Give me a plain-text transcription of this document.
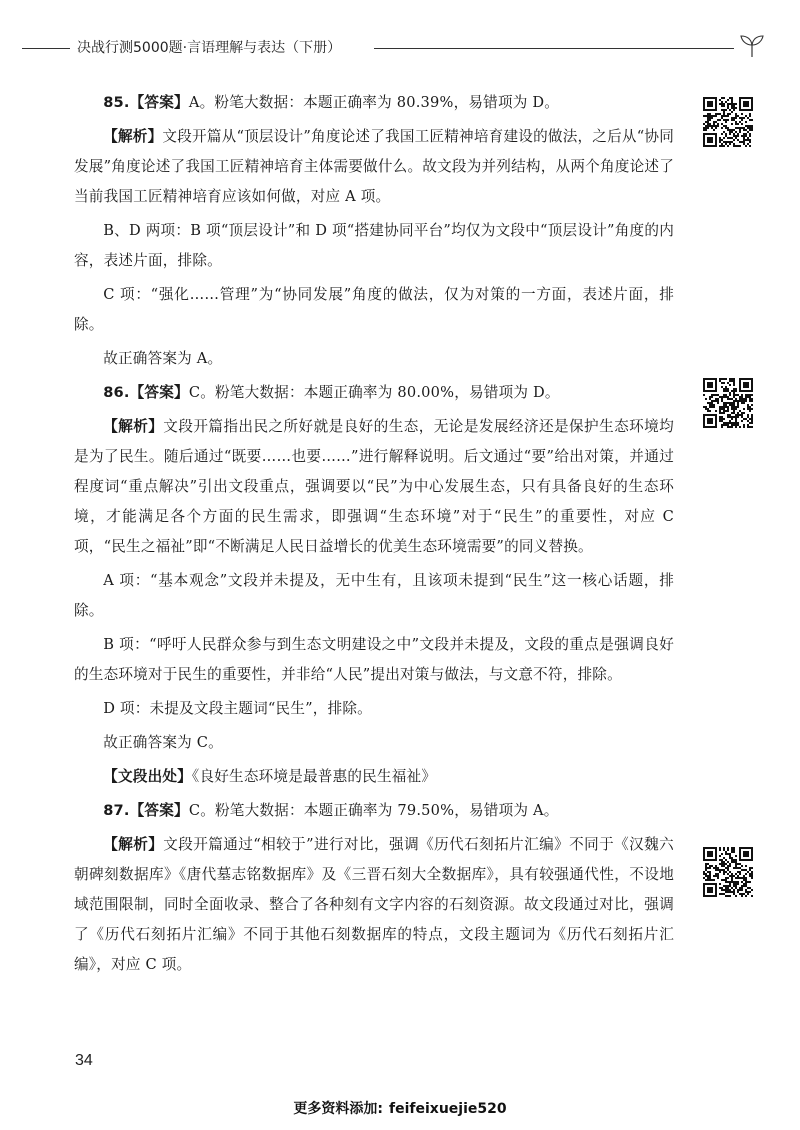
决战行测5000题·言语理解与表达（下册）

85.【答案】A。粉笔大数据：本题正确率为 80.39%，易错项为 D。

【解析】文段开篇从“顶层设计”角度论述了我国工匠精神培育建设的做法，之后从“协同发展”角度论述了我国工匠精神培育主体需要做什么。故文段为并列结构，从两个角度论述了当前我国工匠精神培育应该如何做，对应 A 项。

B、D 两项：B 项“顶层设计”和 D 项“搭建协同平台”均仅为文段中“顶层设计”角度的内容，表述片面，排除。

C 项：“强化……管理”为“协同发展”角度的做法，仅为对策的一方面，表述片面，排除。

故正确答案为 A。

86.【答案】C。粉笔大数据：本题正确率为 80.00%，易错项为 D。

【解析】文段开篇指出民之所好就是良好的生态，无论是发展经济还是保护生态环境均是为了民生。随后通过“既要……也要……”进行解释说明。后文通过“要”给出对策，并通过程度词“重点解决”引出文段重点，强调要以“民”为中心发展生态，只有具备良好的生态环境，才能满足各个方面的民生需求，即强调“生态环境”对于“民生”的重要性，对应 C 项，“民生之福祉”即“不断满足人民日益增长的优美生态环境需要”的同义替换。

A 项：“基本观念”文段并未提及，无中生有，且该项未提到“民生”这一核心话题，排除。

B 项：“呼吁人民群众参与到生态文明建设之中”文段并未提及，文段的重点是强调良好的生态环境对于民生的重要性，并非给“人民”提出对策与做法，与文意不符，排除。

D 项：未提及文段主题词“民生”，排除。

故正确答案为 C。

【文段出处】《良好生态环境是最普惠的民生福祉》

87.【答案】C。粉笔大数据：本题正确率为 79.50%，易错项为 A。

【解析】文段开篇通过“相较于”进行对比，强调《历代石刻拓片汇编》不同于《汉魏六朝碑刻数据库》《唐代墓志铭数据库》及《三晋石刻大全数据库》，具有较强通代性，不设地域范围限制，同时全面收录、整合了各种刻有文字内容的石刻资源。故文段通过对比，强调了《历代石刻拓片汇编》不同于其他石刻数据库的特点，文段主题词为《历代石刻拓片汇编》，对应 C 项。

34
更多资料添加: feifeixuejie520
